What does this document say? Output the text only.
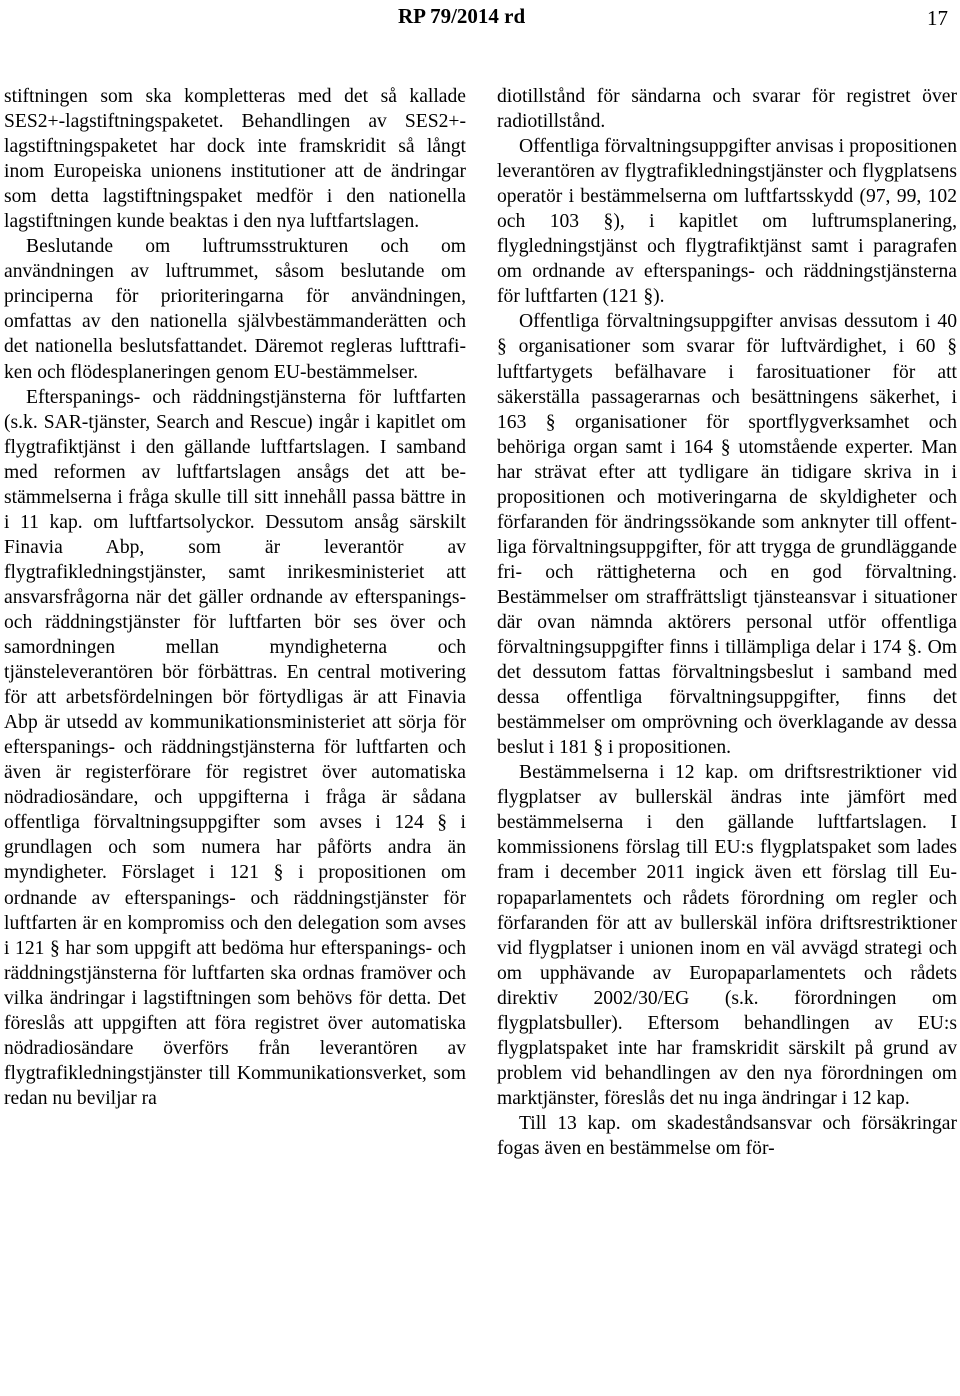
RP 79/2014 rd	17

stiftningen som ska kompletteras med det så kallade SES2+-lagstiftningspaketet. Behandlingen av SES2+-lagstiftningspaketet har dock inte framskridit så långt inom Europeiska unionens institutioner att de ändringar som detta lagstiftningspaket medför i den nationella lagstiftningen kunde beaktas i den nya luftfartslagen.

Beslutande om luftrumsstrukturen och om användningen av luftrummet, såsom beslutande om principerna för prioriteringarna för användningen, omfattas av den nationella självbestämmanderätten och det nationella beslutsfattandet. Däremot regleras lufttrafiken och flödesplaneringen genom EU-bestämmelser.

Efterspanings- och räddningstjänsterna för luftfarten (s.k. SAR-tjänster, Search and Rescue) ingår i kapitlet om flygtrafiktjänst i den gällande luftfartslagen. I samband med reformen av luftfartslagen ansågs det att bestämmelserna i fråga skulle till sitt innehåll passa bättre in i 11 kap. om luftfartsolyckor. Dessutom ansåg särskilt Finavia Abp, som är leverantör av flygtrafikledningstjänster, samt inrikesministeriet att ansvarsfrågorna när det gäller ordnande av efterspanings- och räddningstjänster för luftfarten bör ses över och samordningen mellan myndigheterna och tjänsteleverantören bör förbättras. En central motivering för att arbetsfördelningen bör förtydligas är att Finavia Abp är utsedd av kommunikationsministeriet att sörja för efterspanings- och räddningstjänsterna för luftfarten och även är registerförare för registret över automatiska nödradiosändare, och uppgifterna i fråga är sådana offentliga förvaltningsuppgifter som avses i 124 § i grundlagen och som numera har påförts andra än myndigheter. Förslaget i 121 § i propositionen om ordnande av efterspanings- och räddningstjänster för luftfarten är en kompromiss och den delegation som avses i 121 § har som uppgift att bedöma hur efterspanings- och räddningstjänsterna för luftfarten ska ordnas framöver och vilka ändringar i lagstiftningen som behövs för detta. Det föreslås att uppgiften att föra registret över automatiska nödradiosändare överförs från leverantören av flygtrafikledningstjänster till Kommunikationsverket, som redan nu beviljar ra

diotillstånd för sändarna och svarar för registret över radiotillstånd.

Offentliga förvaltningsuppgifter anvisas i propositionen leverantören av flygtrafikledningstjänster och flygplatsens operatör i bestämmelserna om luftfartsskydd (97, 99, 102 och 103 §), i kapitlet om luftrumsplanering, flygledningstjänst och flygtrafiktjänst samt i paragrafen om ordnande av efterspanings- och räddningstjänsterna för luftfarten (121 §).

Offentliga förvaltningsuppgifter anvisas dessutom i 40 § organisationer som svarar för luftvärdighet, i 60 § luftfartygets befälhavare i farosituationer för att säkerställa passagerarnas och besättningens säkerhet, i 163 § organisationer för sportflygverksamhet och behöriga organ samt i 164 § utomstående experter. Man har strävat efter att tydligare än tidigare skriva in i propositionen och motiveringarna de skyldigheter och förfaranden för ändringssökande som anknyter till offentliga förvaltningsuppgifter, för att trygga de grundläggande fri- och rättigheterna och en god förvaltning. Bestämmelser om straffrättsligt tjänsteansvar i situationer där ovan nämnda aktörers personal utför offentliga förvaltningsuppgifter finns i tillämpliga delar i 174 §. Om det dessutom fattas förvaltningsbeslut i samband med dessa offentliga förvaltningsuppgifter, finns det bestämmelser om omprövning och överklagande av dessa beslut i 181 § i propositionen.

Bestämmelserna i 12 kap. om driftsrestriktioner vid flygplatser av bullerskäl ändras inte jämfört med bestämmelserna i den gällande luftfartslagen. I kommissionens förslag till EU:s flygplatspaket som lades fram i december 2011 ingick även ett förslag till Europaparlamentets och rådets förordning om regler och förfaranden för att av bullerskäl införa driftsrestriktioner vid flygplatser i unionen inom en väl avvägd strategi och om upphävande av Europaparlamentets och rådets direktiv 2002/30/EG (s.k. förordningen om flygplatsbuller). Eftersom behandlingen av EU:s flygplatspaket inte har framskridit särskilt på grund av problem vid behandlingen av den nya förordningen om marktjänster, föreslås det nu inga ändringar i 12 kap.

Till 13 kap. om skadeståndsansvar och försäkringar fogas även en bestämmelse om för-
